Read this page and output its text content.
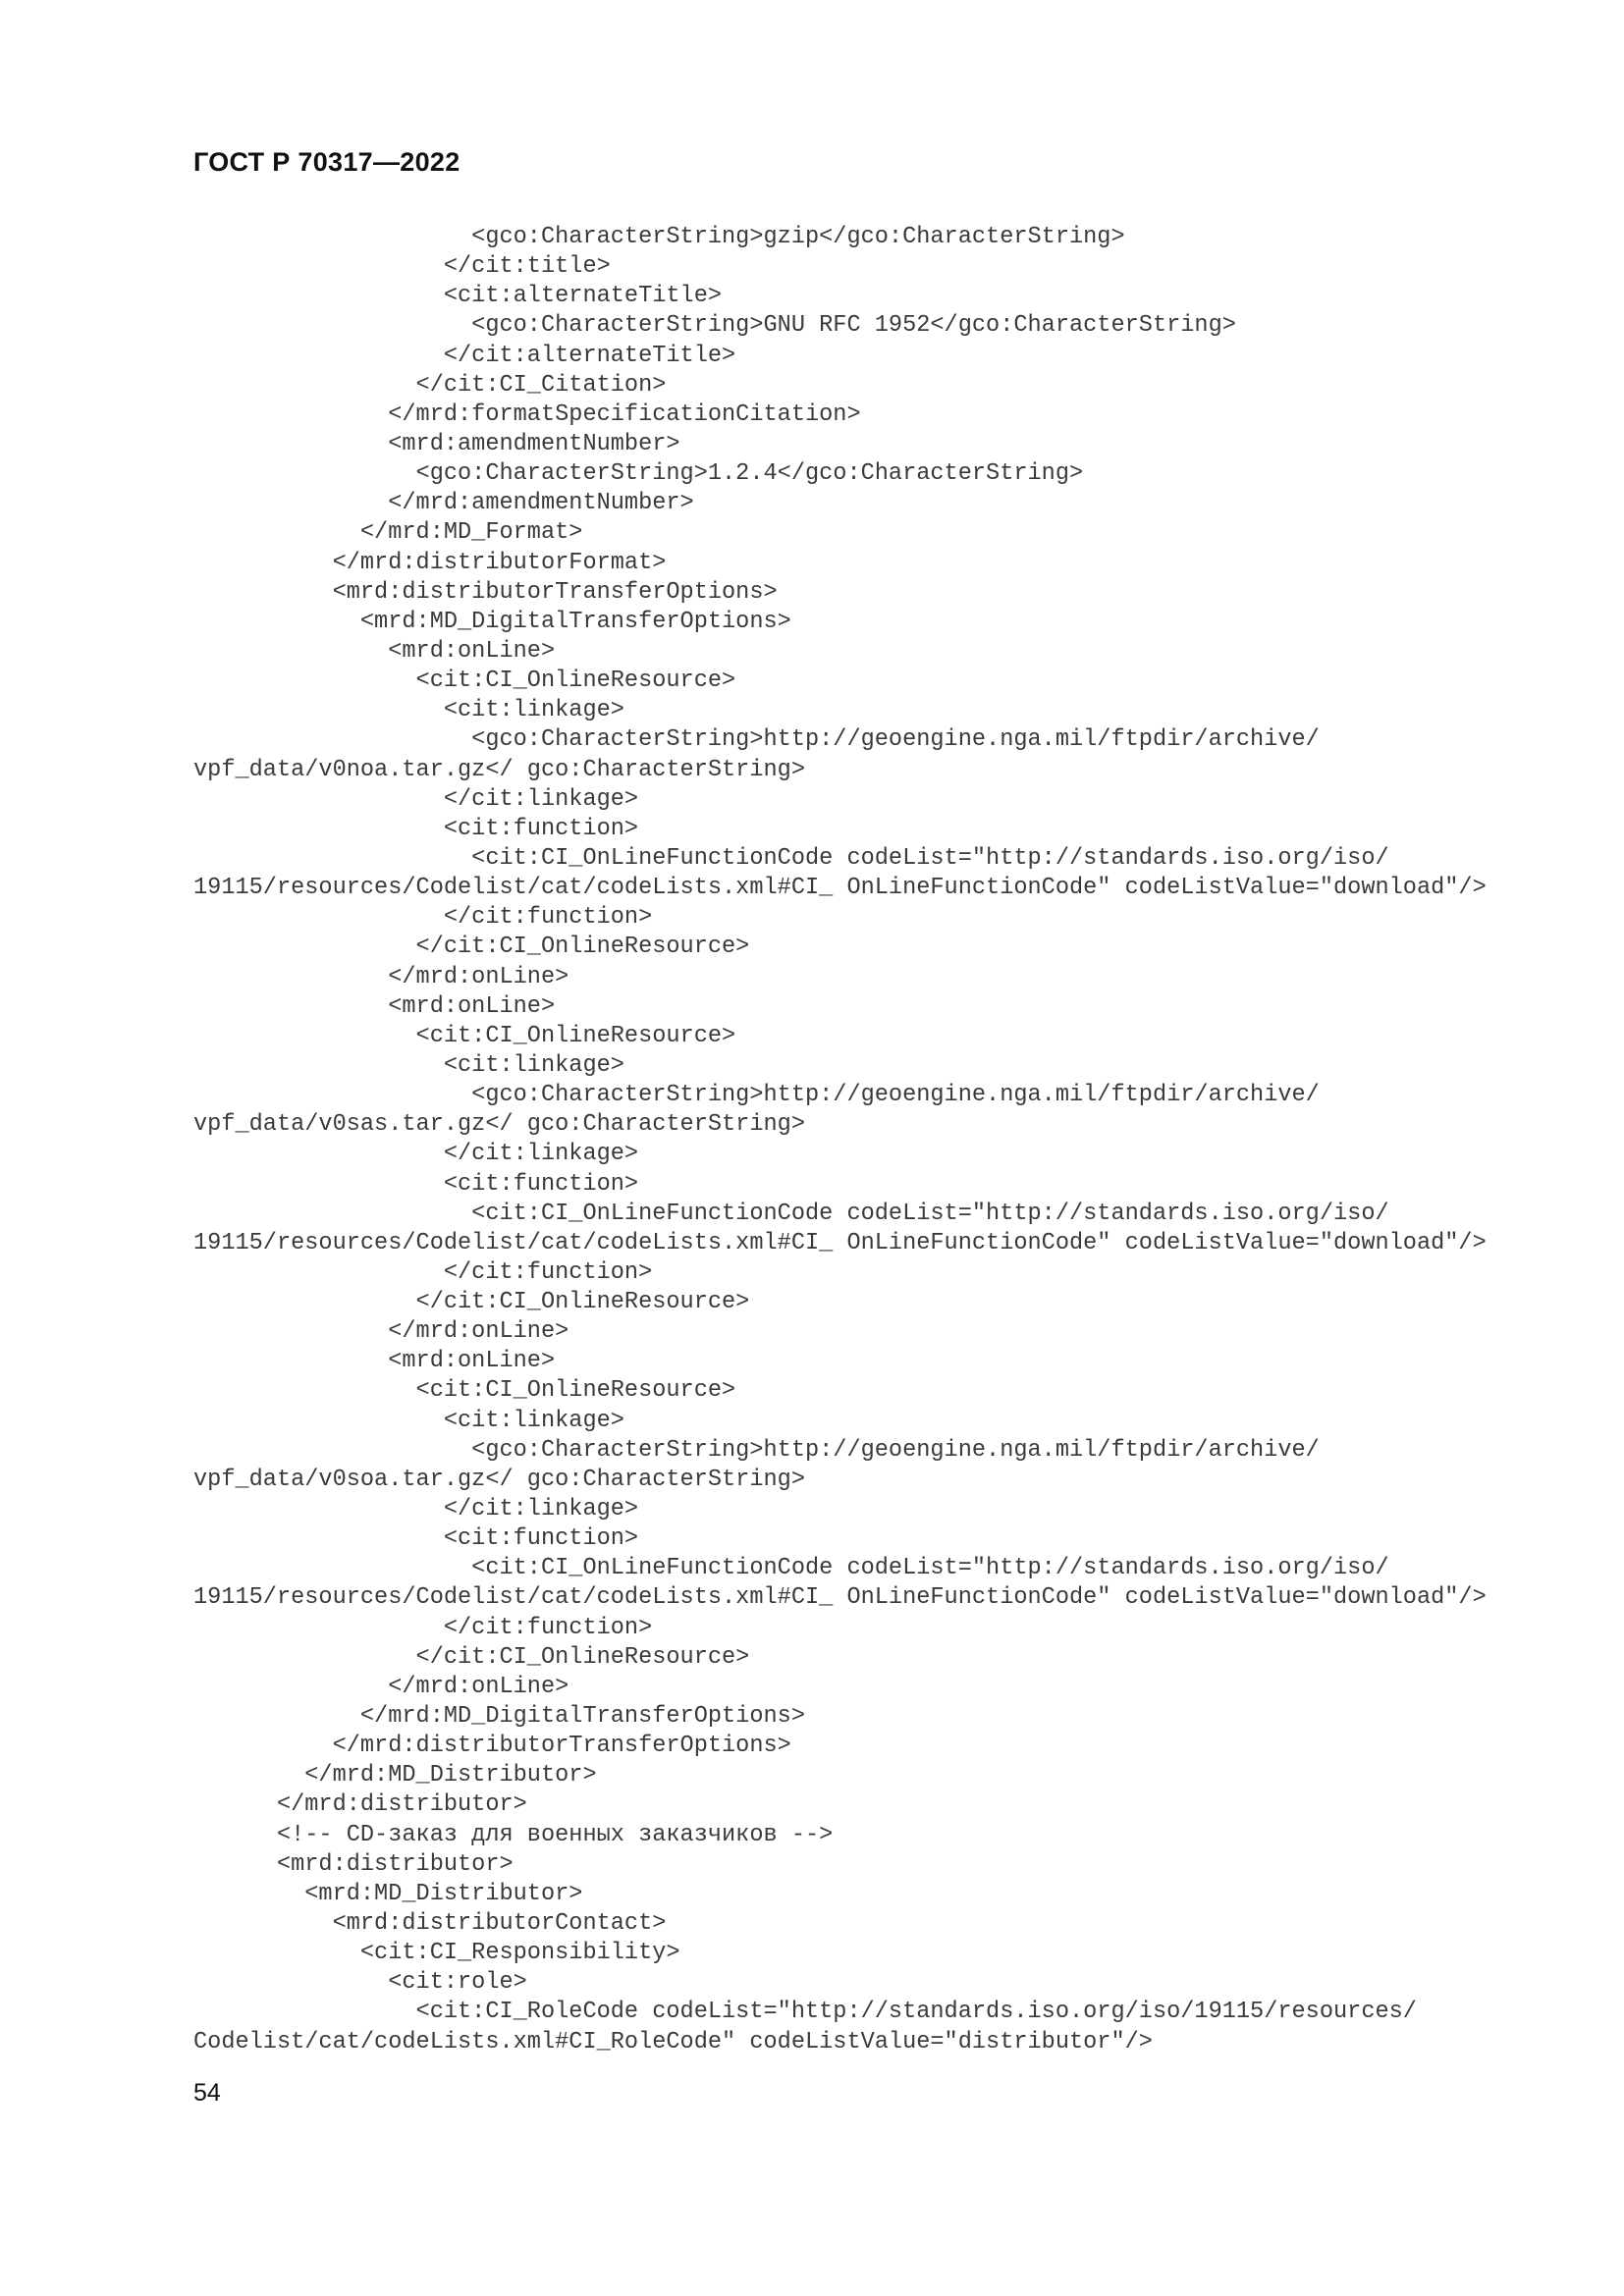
ГОСТ Р 70317—2022
<gco:CharacterString>gzip</gco:CharacterString>
</cit:title>
<cit:alternateTitle>
<gco:CharacterString>GNU RFC 1952</gco:CharacterString>
</cit:alternateTitle>
</cit:CI_Citation>
</mrd:formatSpecificationCitation>
<mrd:amendmentNumber>
<gco:CharacterString>1.2.4</gco:CharacterString>
</mrd:amendmentNumber>
</mrd:MD_Format>
</mrd:distributorFormat>
<mrd:distributorTransferOptions>
<mrd:MD_DigitalTransferOptions>
<mrd:onLine>
<cit:CI_OnlineResource>
<cit:linkage>
<gco:CharacterString>http://geoengine.nga.mil/ftpdir/archive/
vpf_data/v0noa.tar.gz</ gco:CharacterString>
</cit:linkage>
<cit:function>
<cit:CI_OnLineFunctionCode codeList="http://standards.iso.org/iso/
19115/resources/Codelist/cat/codeLists.xml#CI_ OnLineFunctionCode" codeListValue="download"/>
</cit:function>
</cit:CI_OnlineResource>
</mrd:onLine>
<mrd:onLine>
<cit:CI_OnlineResource>
<cit:linkage>
<gco:CharacterString>http://geoengine.nga.mil/ftpdir/archive/
vpf_data/v0sas.tar.gz</ gco:CharacterString>
</cit:linkage>
<cit:function>
<cit:CI_OnLineFunctionCode codeList="http://standards.iso.org/iso/
19115/resources/Codelist/cat/codeLists.xml#CI_ OnLineFunctionCode" codeListValue="download"/>
</cit:function>
</cit:CI_OnlineResource>
</mrd:onLine>
<mrd:onLine>
<cit:CI_OnlineResource>
<cit:linkage>
<gco:CharacterString>http://geoengine.nga.mil/ftpdir/archive/
vpf_data/v0soa.tar.gz</ gco:CharacterString>
</cit:linkage>
<cit:function>
<cit:CI_OnLineFunctionCode codeList="http://standards.iso.org/iso/
19115/resources/Codelist/cat/codeLists.xml#CI_ OnLineFunctionCode" codeListValue="download"/>
</cit:function>
</cit:CI_OnlineResource>
</mrd:onLine>
</mrd:MD_DigitalTransferOptions>
</mrd:distributorTransferOptions>
</mrd:MD_Distributor>
</mrd:distributor>
<!-- CD-заказ для военных заказчиков -->
<mrd:distributor>
<mrd:MD_Distributor>
<mrd:distributorContact>
<cit:CI_Responsibility>
<cit:role>
<cit:CI_RoleCode codeList="http://standards.iso.org/iso/19115/resources/
Codelist/cat/codeLists.xml#CI_RoleCode" codeListValue="distributor"/>
54
